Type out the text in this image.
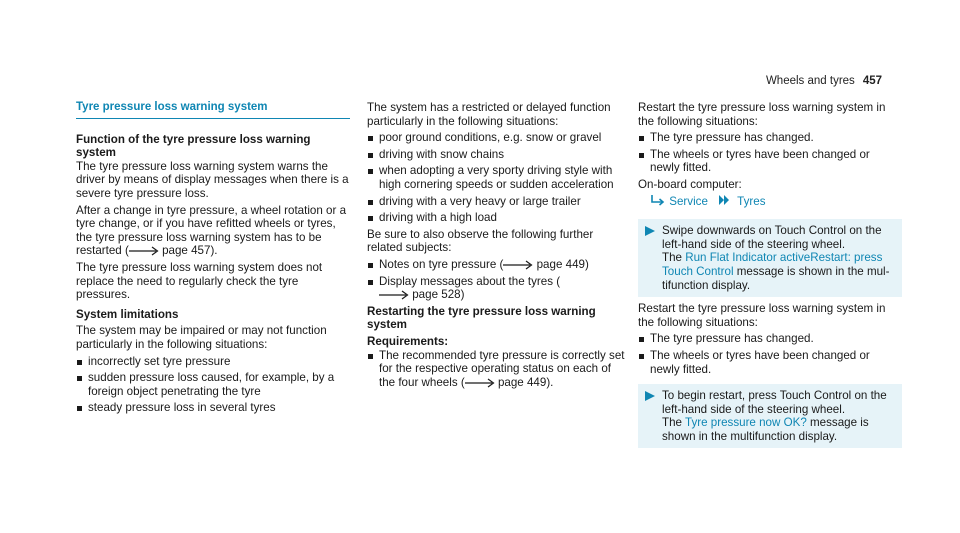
Wheels and tyres 457
Tyre pressure loss warning system

Function of the tyre pressure loss warning system

The tyre pressure loss warning system warns the driver by means of display messages when there is a severe tyre pressure loss.

After a change in tyre pressure, a wheel rotation or a tyre change, or if you have refitted wheels or tyres, the tyre pressure loss warning system has to be restarted (	page 457).

The tyre pressure loss warning system does not replace the need to regularly check the tyre pressures.

System limitations

The system may be impaired or may not function particularly in the following situations:

incorrectly set tyre pressure
sudden pressure loss caused, for example, by a foreign object penetrating the tyre
steady pressure loss in several tyres

The system has a restricted or delayed function particularly in the following situations:

poor ground conditions, e.g. snow or gravel
driving with snow chains
when adopting a very sporty driving style with high cornering speeds or sudden acceleration
driving with a very heavy or large trailer
driving with a high load

Be sure to also observe the following further related subjects:

Notes on tyre pressure (	page 449)
Display messages about the tyres (

page 528)

Restarting the tyre pressure loss warning system

Requirements:

The recommended tyre pressure is correctly set for the respective operating status on each of the four wheels (	page 449).

Restart the tyre pressure loss warning system in the following situations:

The tyre pressure has changed.
The wheels or tyres have been changed or newly fitted.

On-board computer:

Service	Tyres
Swipe downwards on Touch Control on the left-hand side of the steering wheel.
The Run Flat Indicator activeRestart: press Touch Control message is shown in the multifunction display.

Restart the tyre pressure loss warning system in the following situations:

The tyre pressure has changed.
The wheels or tyres have been changed or newly fitted.
To begin restart, press Touch Control on the left-hand side of the steering wheel.
The Tyre pressure now OK? message is shown in the multifunction display.
